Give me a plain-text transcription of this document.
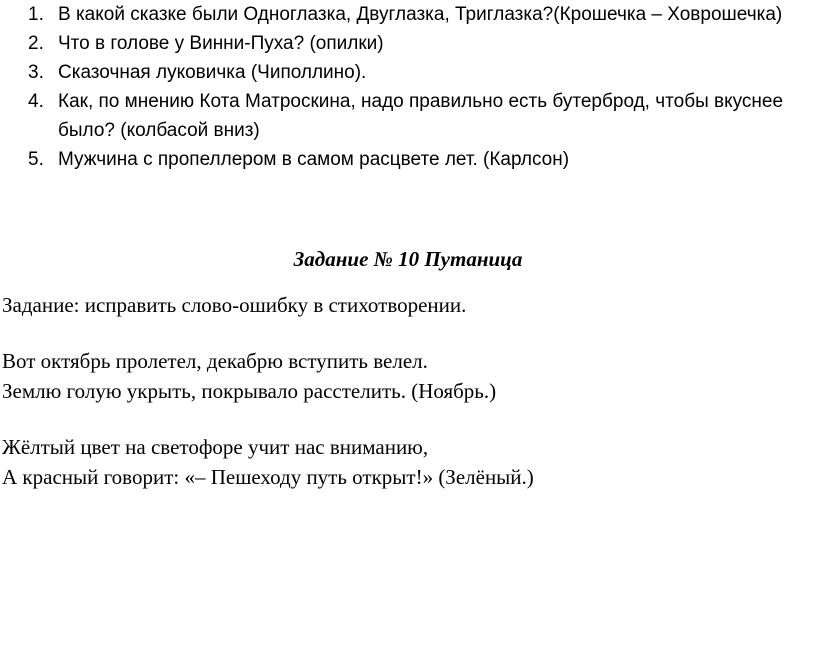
1. В какой сказке были Одноглазка, Двуглазка, Триглазка?(Крошечка – Ховрошечка)
2. Что в голове у Винни-Пуха? (опилки)
3. Сказочная луковичка (Чиполлино).
4. Как, по мнению Кота Матроскина, надо правильно есть бутерброд, чтобы вкуснее было? (колбасой вниз)
5. Мужчина с пропеллером в самом расцвете лет. (Карлсон)

Задание № 10 Путаница

Задание: исправить слово-ошибку в стихотворении.

Вот октябрь пролетел, декабрю вступить велел.
Землю голую укрыть, покрывало расстелить. (Ноябрь.)

Жёлтый цвет на светофоре учит нас вниманию,
А красный говорит: «– Пешеходу путь открыт!» (Зелёный.)
